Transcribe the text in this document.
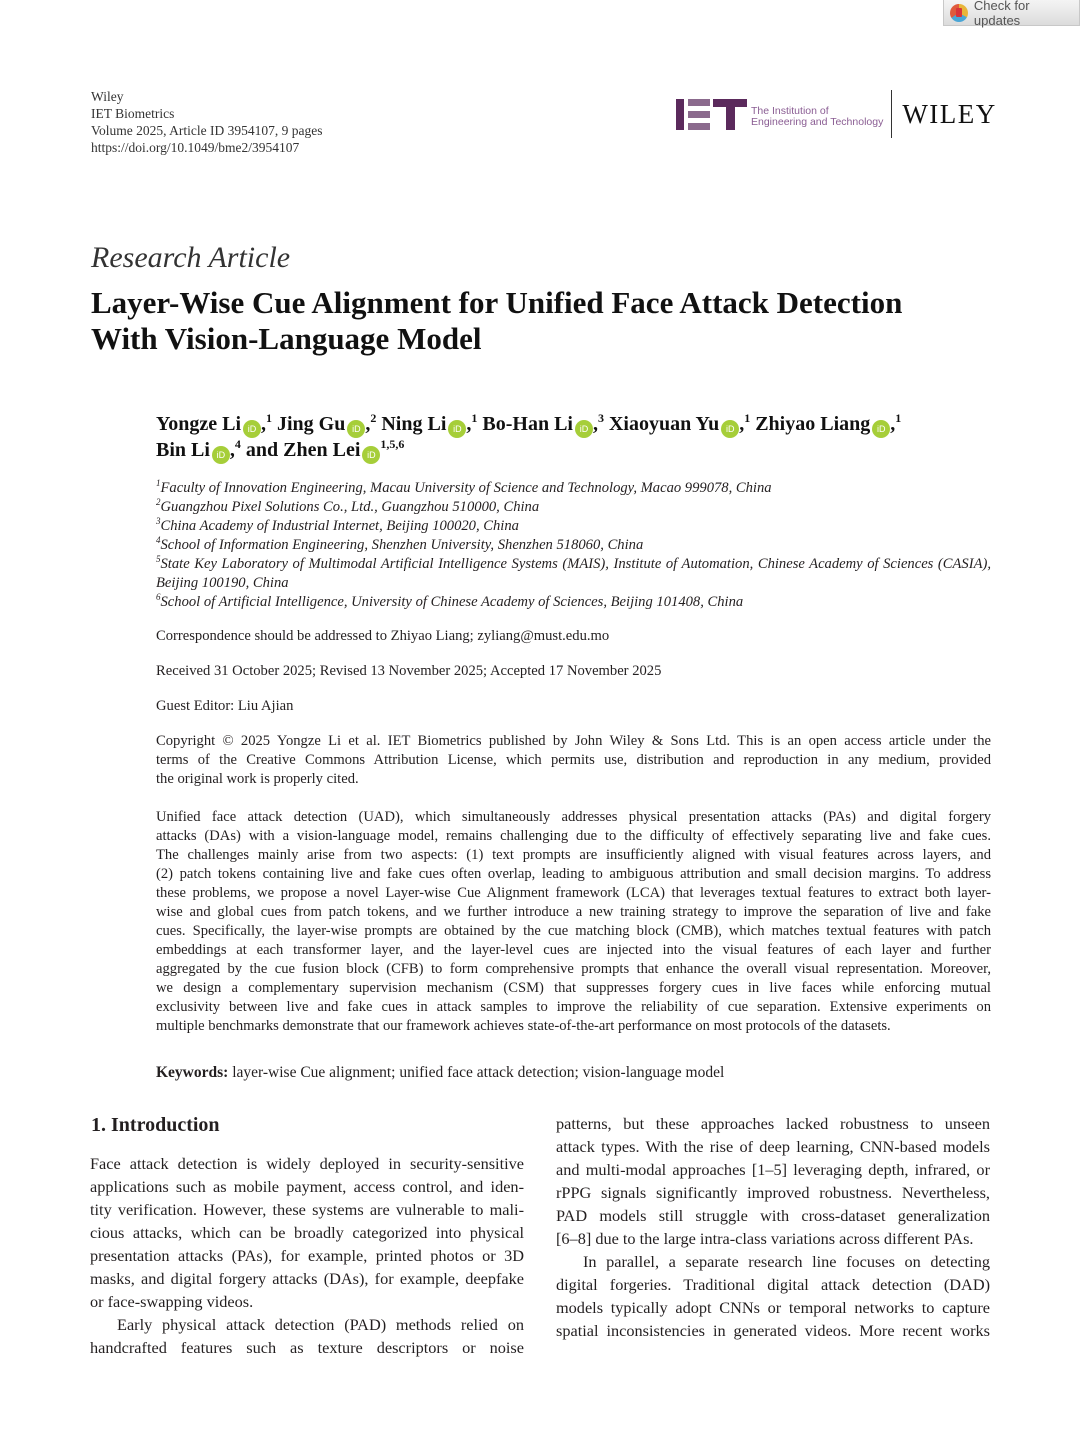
Check for updates
Wiley
IET Biometrics
Volume 2025, Article ID 3954107, 9 pages
https://doi.org/10.1049/bme2/3954107
The Institution of
Engineering and Technology WILEY
Research Article
Layer-Wise Cue Alignment for Unified Face Attack Detection
With Vision-Language Model
Yongze Li iD ,$^1$ Jing Gu iD ,$^2$ Ning Li iD ,$^1$ Bo-Han Li iD ,$^3$ Xiaoyuan Yu iD ,$^1$ Zhiyao Liang iD ,$^1$
Bin Li iD ,$^4$ and Zhen Lei iD$^{1,5,6}$
$^1$Faculty of Innovation Engineering, Macau University of Science and Technology, Macao 999078, China
$^2$Guangzhou Pixel Solutions Co., Ltd., Guangzhou 510000, China
$^3$China Academy of Industrial Internet, Beijing 100020, China
$^4$School of Information Engineering, Shenzhen University, Shenzhen 518060, China
$^5$State Key Laboratory of Multimodal Artificial Intelligence Systems (MAIS), Institute of Automation, Chinese Academy of Sciences (CASIA), Beijing 100190, China
$^6$School of Artificial Intelligence, University of Chinese Academy of Sciences, Beijing 101408, China
Correspondence should be addressed to Zhiyao Liang; zyliang@must.edu.mo
Received 31 October 2025; Revised 13 November 2025; Accepted 17 November 2025
Guest Editor: Liu Ajian
Copyright © 2025 Yongze Li et al. IET Biometrics published by John Wiley & Sons Ltd. This is an open access article under the
terms of the Creative Commons Attribution License, which permits use, distribution and reproduction in any medium, provided
the original work is properly cited.
Unified face attack detection (UAD), which simultaneously addresses physical presentation attacks (PAs) and digital forgery
attacks (DAs) with a vision-language model, remains challenging due to the difficulty of effectively separating live and fake cues.
The challenges mainly arise from two aspects: (1) text prompts are insufficiently aligned with visual features across layers, and
(2) patch tokens containing live and fake cues often overlap, leading to ambiguous attribution and small decision margins. To address
these problems, we propose a novel Layer-wise Cue Alignment framework (LCA) that leverages textual features to extract both layer-
wise and global cues from patch tokens, and we further introduce a new training strategy to improve the separation of live and fake
cues. Specifically, the layer-wise prompts are obtained by the cue matching block (CMB), which matches textual features with patch
embeddings at each transformer layer, and the layer-level cues are injected into the visual features of each layer and further
aggregated by the cue fusion block (CFB) to form comprehensive prompts that enhance the overall visual representation. Moreover,
we design a complementary supervision mechanism (CSM) that suppresses forgery cues in live faces while enforcing mutual
exclusivity between live and fake cues in attack samples to improve the reliability of cue separation. Extensive experiments on
multiple benchmarks demonstrate that our framework achieves state-of-the-art performance on most protocols of the datasets.
Keywords: layer-wise Cue alignment; unified face attack detection; vision-language model
1. Introduction
Face attack detection is widely deployed in security-sensitive
applications such as mobile payment, access control, and iden-
tity verification. However, these systems are vulnerable to mali-
cious attacks, which can be broadly categorized into physical
presentation attacks (PAs), for example, printed photos or 3D
masks, and digital forgery attacks (DAs), for example, deepfake
or face-swapping videos.
Early physical attack detection (PAD) methods relied on
handcrafted features such as texture descriptors or noise
patterns, but these approaches lacked robustness to unseen
attack types. With the rise of deep learning, CNN-based models
and multi-modal approaches [1–5] leveraging depth, infrared, or
rPPG signals significantly improved robustness. Nevertheless,
PAD models still struggle with cross-dataset generalization
[6–8] due to the large intra-class variations across different PAs.
In parallel, a separate research line focuses on detecting
digital forgeries. Traditional digital attack detection (DAD)
models typically adopt CNNs or temporal networks to capture
spatial inconsistencies in generated videos. More recent works
